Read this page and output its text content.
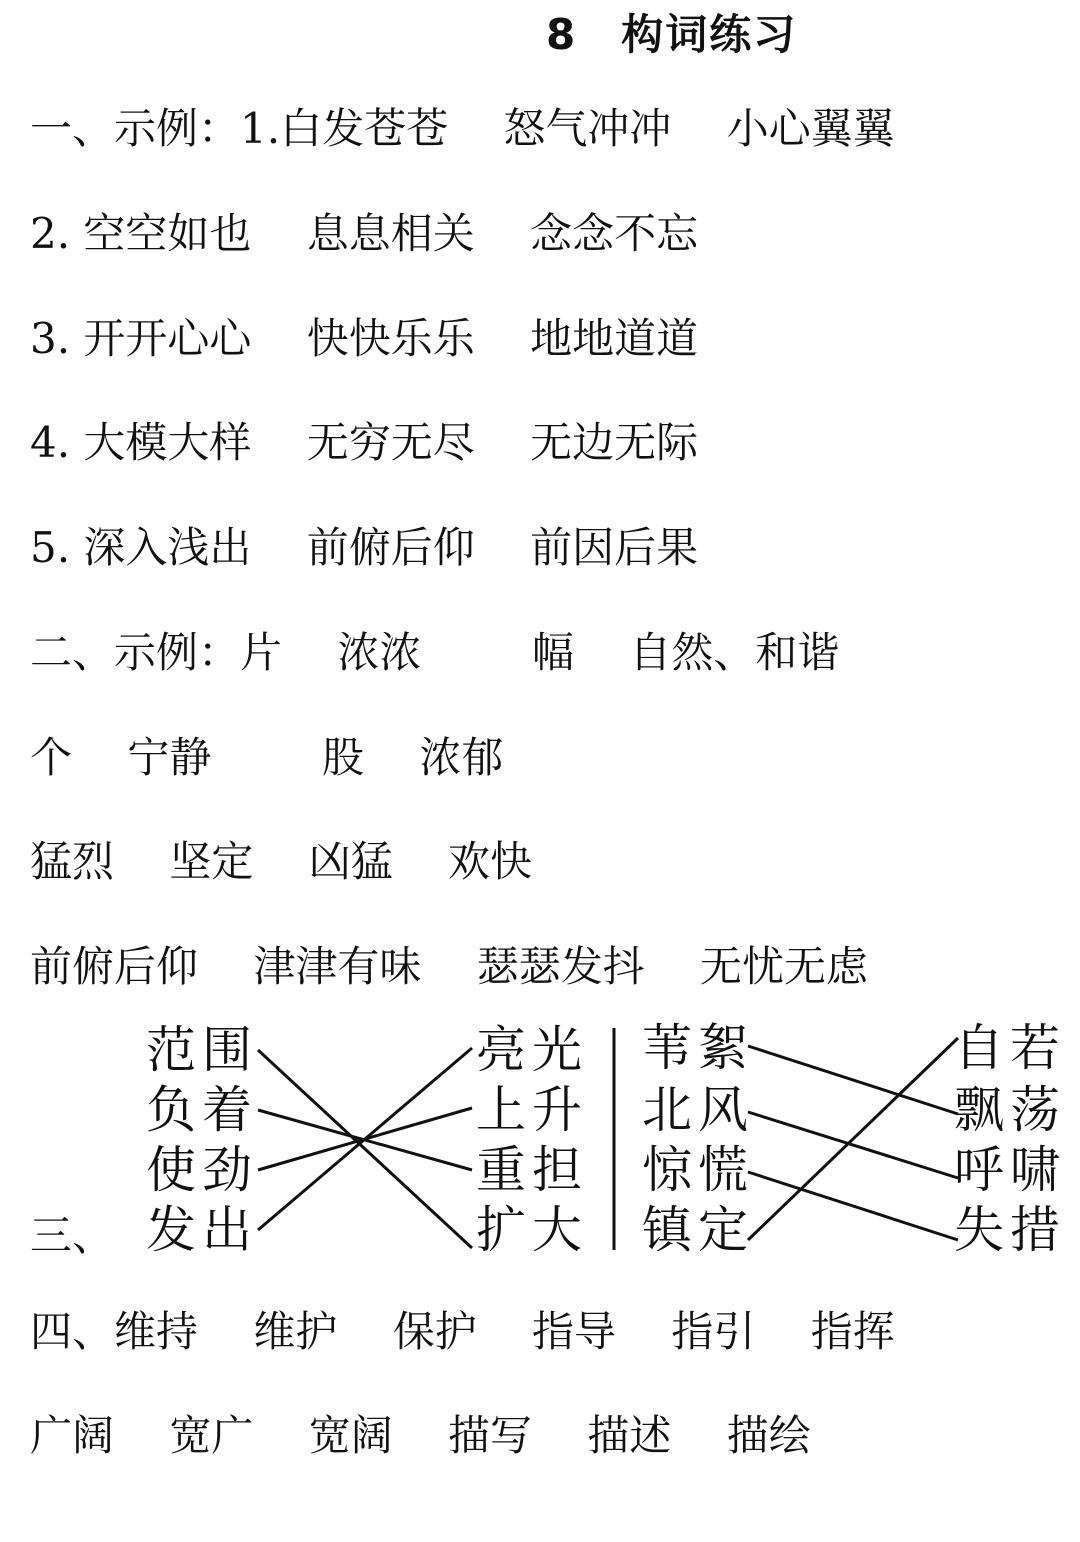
8　构词练习
一、示例：1.白发苍苍　 怒气冲冲　 小心翼翼
2. 空空如也　 息息相关　 念念不忘
3. 开开心心　 快快乐乐　 地地道道
4. 大模大样　 无穷无尽　 无边无际
5. 深入浅出　 前俯后仰　 前因后果
二、示例：片　 浓浓　 　 幅　 自然、和谐
个　 宁静　 　 股　 浓郁
猛烈　 坚定　 凶猛　 欢快
前俯后仰　 津津有味　 瑟瑟发抖　 无忧无虑
范围
负着
使劲
发出
亮光
上升
重担
扩大
苇絮
北风
惊慌
镇定
自若
飘荡
呼啸
失措
三、
四、维持　 维护　 保护　 指导　 指引　 指挥
广阔　 宽广　 宽阔　 描写　 描述　 描绘
